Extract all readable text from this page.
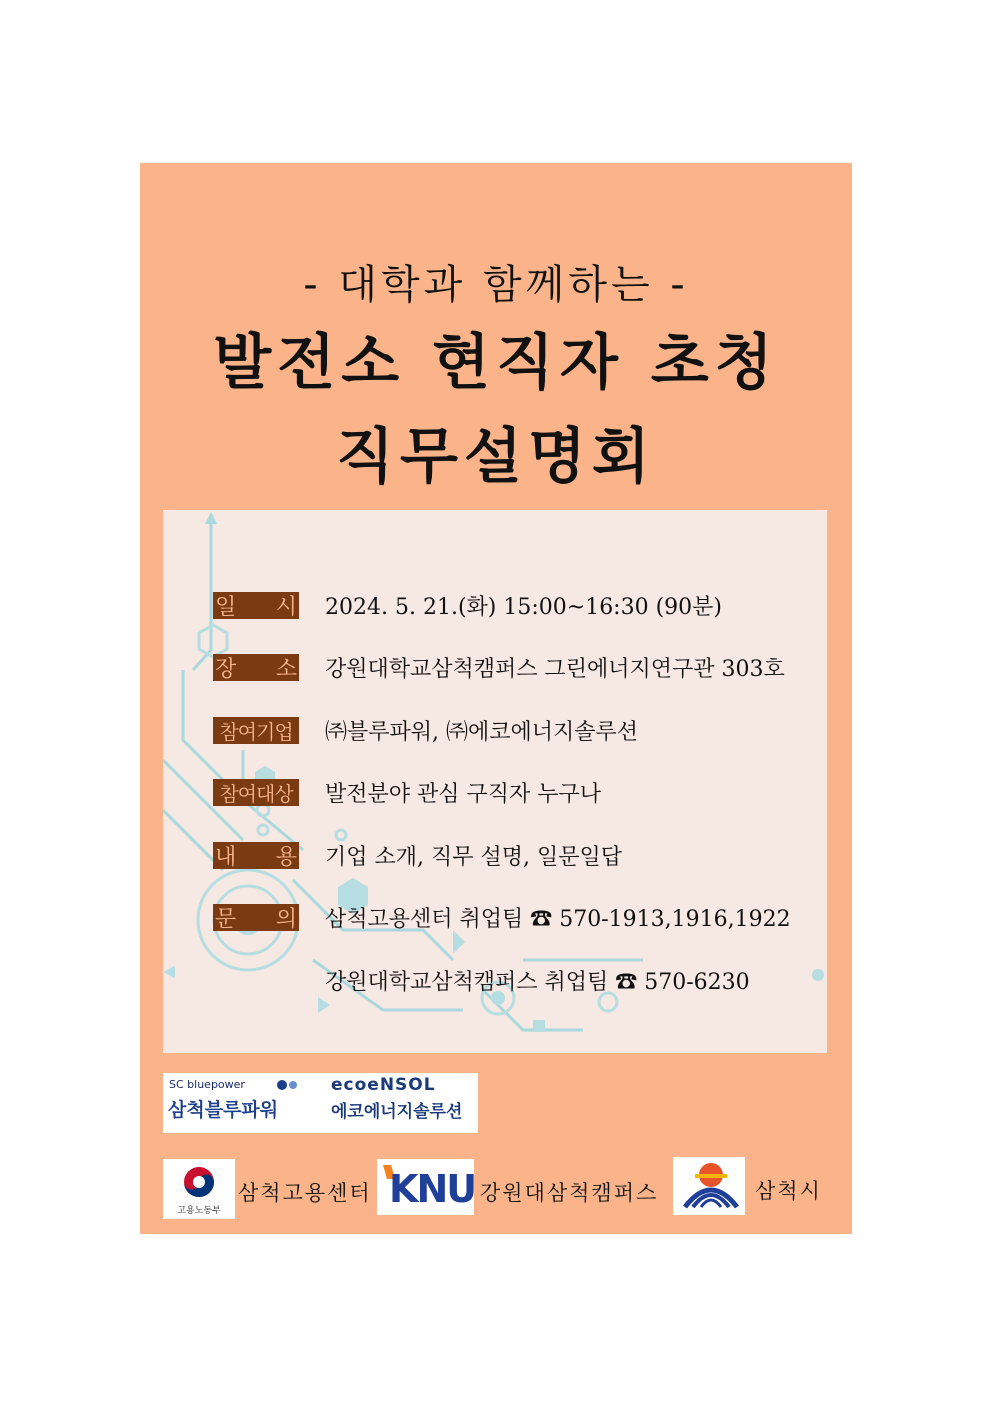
- 대학과 함께하는 -
발전소 현직자 초청
직무설명회
일 시 2024. 5. 21.(화) 15:00~16:30 (90분)
장 소 강원대학교삼척캠퍼스 그린에너지연구관 303호
참여기업 ㈜블루파워, ㈜에코에너지솔루션
참여대상 발전분야 관심 구직자 누구나
내 용 기업 소개, 직무 설명, 일문일답
문 의 삼척고용센터 취업팀 ☎ 570-1913,1916,1922
강원대학교삼척캠퍼스 취업팀 ☎ 570-6230
SC bluepower
삼척블루파워
ecoeNSOL
에코에너지솔루션
고용노동부
삼척고용센터 KNU 강원대삼척캠퍼스	삼척시
